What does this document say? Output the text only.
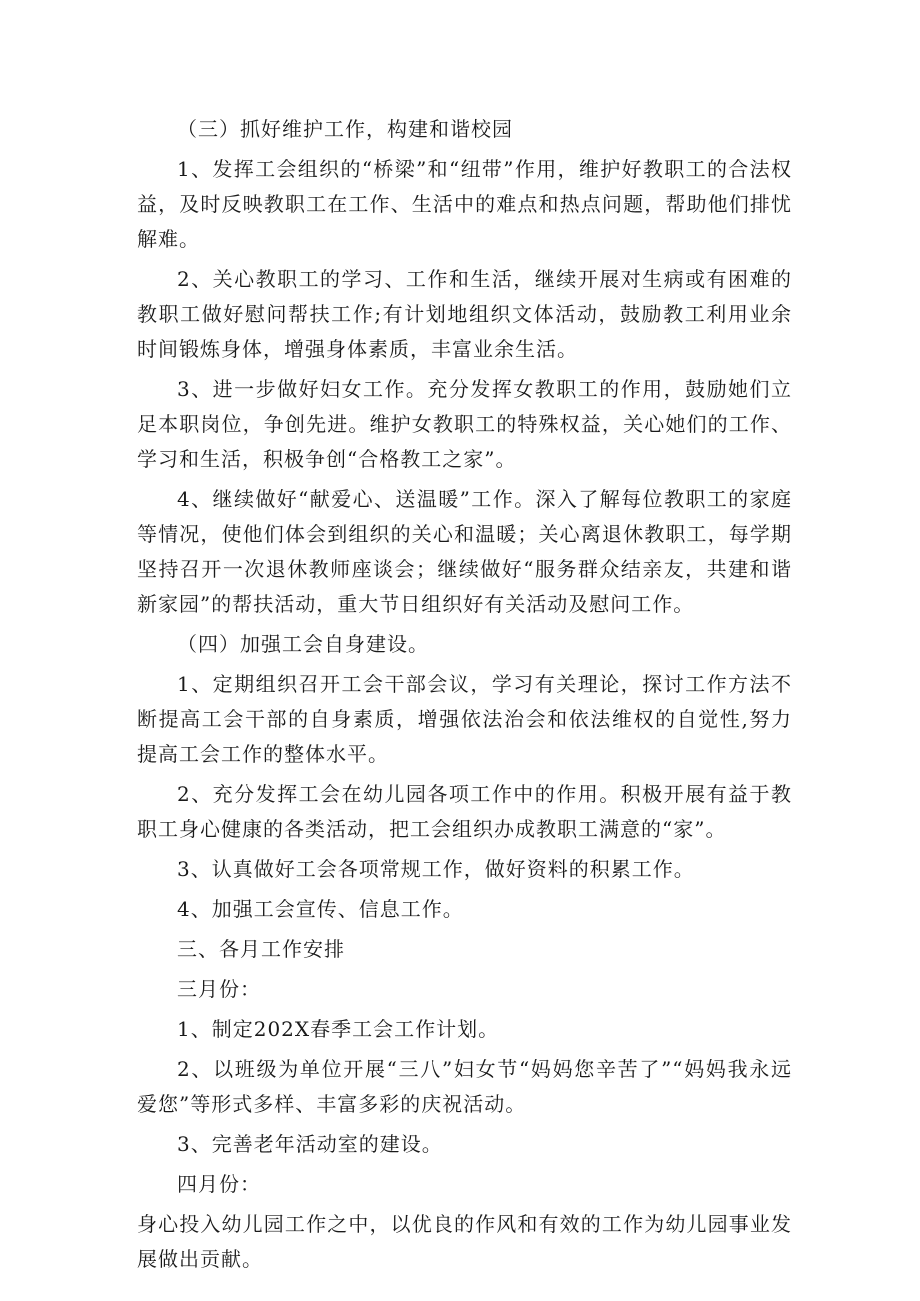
（三）抓好维护工作，构建和谐校园

1、发挥工会组织的“桥梁”和“纽带”作用，维护好教职工的合法权益，及时反映教职工在工作、生活中的难点和热点问题，帮助他们排忧解难。

2、关心教职工的学习、工作和生活，继续开展对生病或有困难的教职工做好慰问帮扶工作;有计划地组织文体活动，鼓励教工利用业余时间锻炼身体，增强身体素质，丰富业余生活。

3、进一步做好妇女工作。充分发挥女教职工的作用，鼓励她们立足本职岗位，争创先进。维护女教职工的特殊权益，关心她们的工作、学习和生活，积极争创“合格教工之家”。

4、继续做好“献爱心、送温暖”工作。深入了解每位教职工的家庭等情况，使他们体会到组织的关心和温暖；关心离退休教职工，每学期坚持召开一次退休教师座谈会；继续做好“服务群众结亲友，共建和谐新家园”的帮扶活动，重大节日组织好有关活动及慰问工作。

（四）加强工会自身建设。

1、定期组织召开工会干部会议，学习有关理论，探讨工作方法不断提高工会干部的自身素质，增强依法治会和依法维权的自觉性,努力提高工会工作的整体水平。

2、充分发挥工会在幼儿园各项工作中的作用。积极开展有益于教职工身心健康的各类活动，把工会组织办成教职工满意的“家”。

3、认真做好工会各项常规工作，做好资料的积累工作。

4、加强工会宣传、信息工作。

三、各月工作安排

三月份：

1、制定202X春季工会工作计划。

2、以班级为单位开展“三八”妇女节“妈妈您辛苦了”“妈妈我永远爱您”等形式多样、丰富多彩的庆祝活动。

3、完善老年活动室的建设。

四月份：

身心投入幼儿园工作之中，以优良的作风和有效的工作为幼儿园事业发展做出贡献。
